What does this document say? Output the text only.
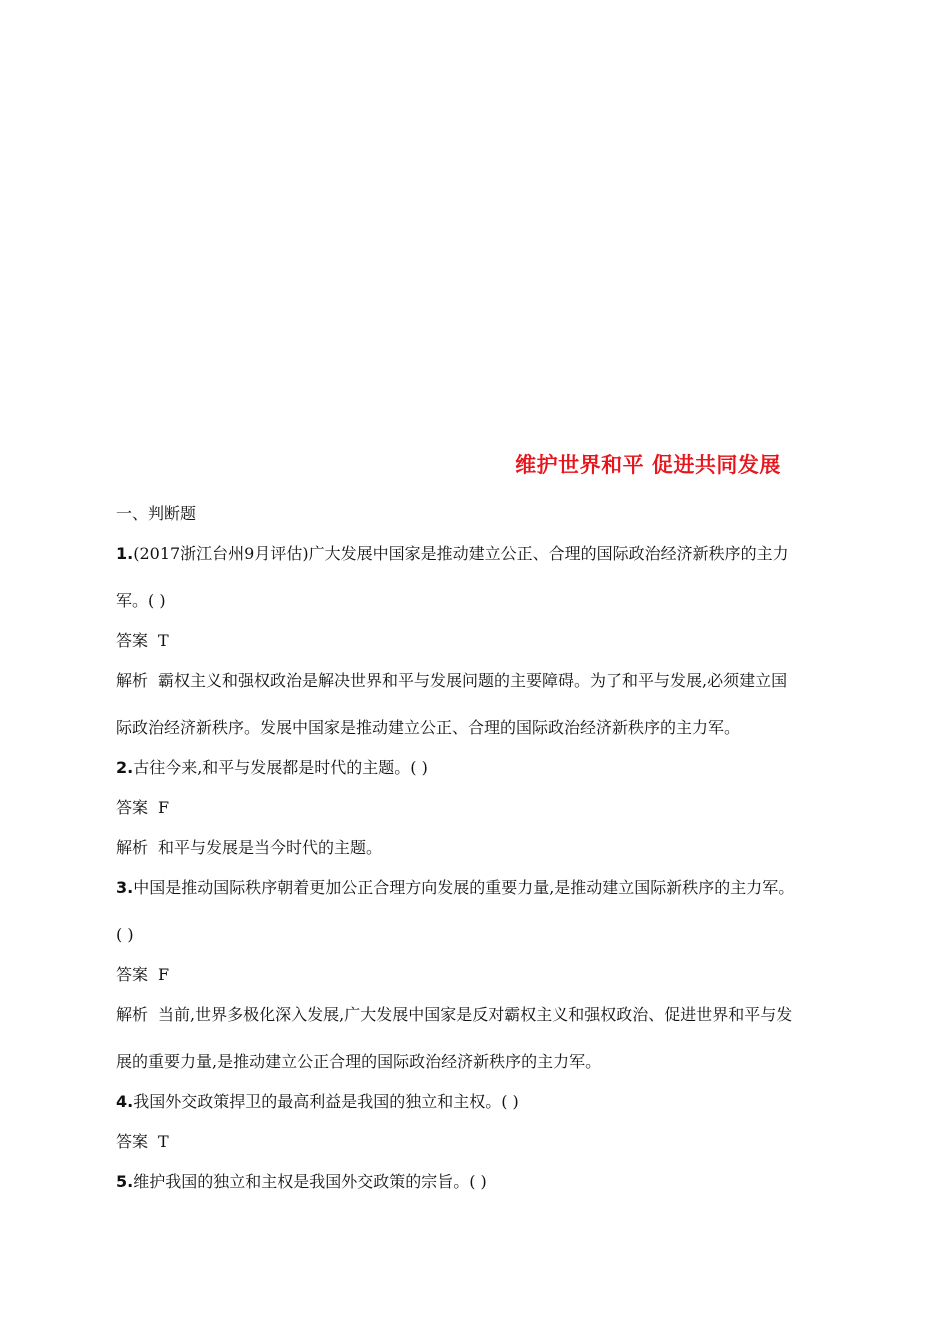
维护世界和平 促进共同发展
一、判断题
1.(2017浙江台州9月评估)广大发展中国家是推动建立公正、合理的国际政治经济新秩序的主力
军。( )
答案 T
解析 霸权主义和强权政治是解决世界和平与发展问题的主要障碍。为了和平与发展,必须建立国
际政治经济新秩序。发展中国家是推动建立公正、合理的国际政治经济新秩序的主力军。
2.古往今来,和平与发展都是时代的主题。( )
答案 F
解析 和平与发展是当今时代的主题。
3.中国是推动国际秩序朝着更加公正合理方向发展的重要力量,是推动建立国际新秩序的主力军。
( )
答案 F
解析 当前,世界多极化深入发展,广大发展中国家是反对霸权主义和强权政治、促进世界和平与发
展的重要力量,是推动建立公正合理的国际政治经济新秩序的主力军。
4.我国外交政策捍卫的最高利益是我国的独立和主权。( )
答案 T
5.维护我国的独立和主权是我国外交政策的宗旨。( )
